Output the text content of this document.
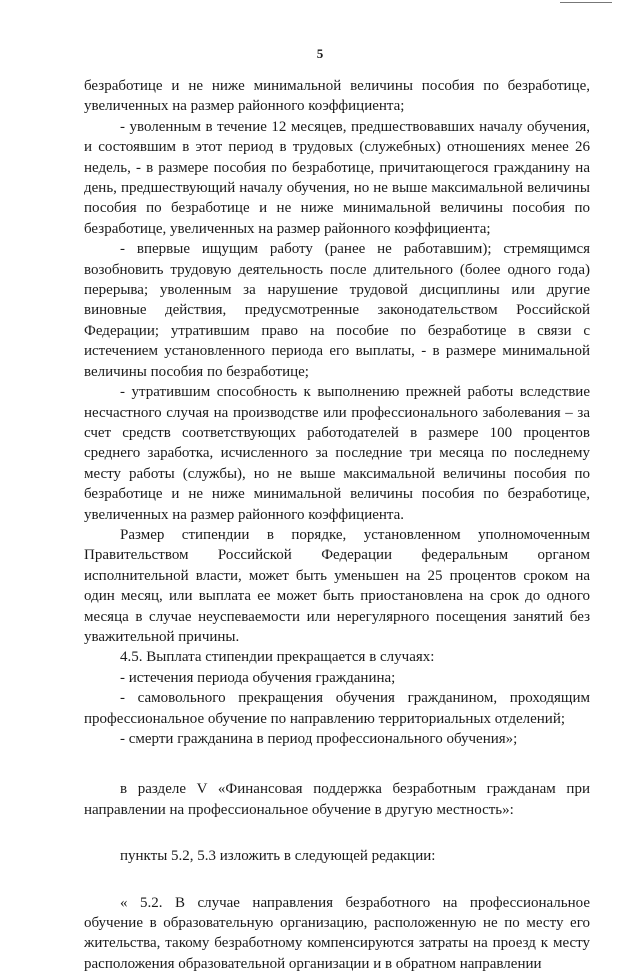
5

безработице и не ниже минимальной величины пособия по безработице, увеличенных на размер районного коэффициента;

- уволенным в течение 12 месяцев, предшествовавших началу обучения, и состоявшим в этот период в трудовых (служебных) отношениях менее 26 недель, - в размере пособия по безработице, причитающегося гражданину на день, предшествующий началу обучения, но не выше максимальной величины пособия по безработице и не ниже минимальной величины пособия по безработице, увеличенных на размер районного коэффициента;

- впервые ищущим работу (ранее не работавшим); стремящимся возобновить трудовую деятельность после длительного (более одного года) перерыва; уволенным за нарушение трудовой дисциплины или другие виновные действия, предусмотренные законодательством Российской Федерации; утратившим право на пособие по безработице в связи с истечением установленного периода его выплаты, - в размере минимальной величины пособия по безработице;

- утратившим способность к выполнению прежней работы вследствие несчастного случая на производстве или профессионального заболевания – за счет средств соответствующих работодателей в размере 100 процентов среднего заработка, исчисленного за последние три месяца по последнему месту работы (службы), но не выше максимальной величины пособия по безработице и не ниже минимальной величины пособия по безработице, увеличенных на размер районного коэффициента.

Размер стипендии в порядке, установленном уполномоченным Правительством Российской Федерации федеральным органом исполнительной власти, может быть уменьшен на 25 процентов сроком на один месяц, или выплата ее может быть приостановлена на срок до одного месяца в случае неуспеваемости или нерегулярного посещения занятий без уважительной причины.

4.5. Выплата стипендии прекращается в случаях:

- истечения периода обучения гражданина;

- самовольного прекращения обучения гражданином, проходящим профессиональное обучение по направлению территориальных отделений;

- смерти гражданина в период профессионального обучения»;

в разделе V «Финансовая поддержка безработным гражданам при направлении на профессиональное обучение в другую местность»:

пункты 5.2, 5.3 изложить в следующей редакции:

« 5.2. В случае направления безработного на профессиональное обучение в образовательную организацию, расположенную не по месту его жительства, такому безработному компенсируются затраты на проезд к месту расположения образовательной организации и в обратном направлении
